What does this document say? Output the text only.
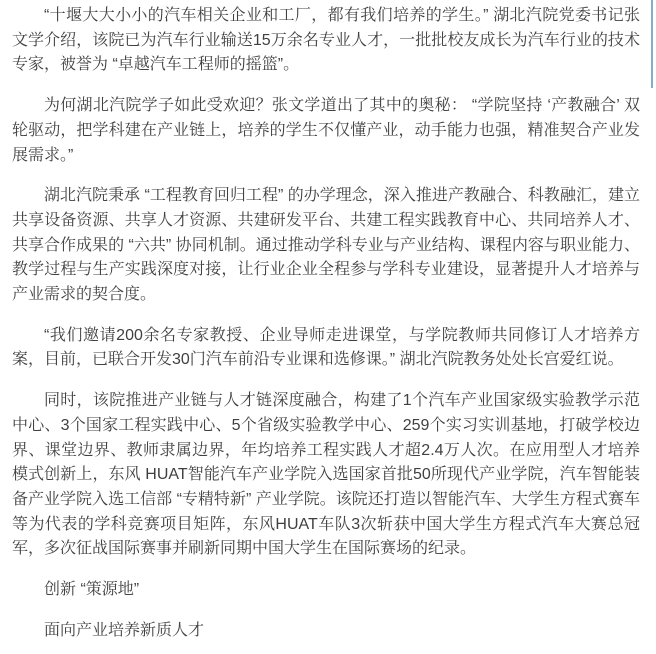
“十堰大大小小的汽车相关企业和工厂，都有我们培养的学生。” 湖北汽院党委书记张文学介绍，该院已为汽车行业输送15万余名专业人才，一批批校友成长为汽车行业的技术专家，被誉为 “卓越汽车工程师的摇篮”。

为何湖北汽院学子如此受欢迎？张文学道出了其中的奥秘： “学院坚持 ‘产教融合’ 双轮驱动，把学科建在产业链上，培养的学生不仅懂产业，动手能力也强，精准契合产业发展需求。”

湖北汽院秉承 “工程教育回归工程” 的办学理念，深入推进产教融合、科教融汇，建立共享设备资源、共享人才资源、共建研发平台、共建工程实践教育中心、共同培养人才、共享合作成果的 “六共” 协同机制。通过推动学科专业与产业结构、课程内容与职业能力、教学过程与生产实践深度对接，让行业企业全程参与学科专业建设，显著提升人才培养与产业需求的契合度。

“我们邀请200余名专家教授、企业导师走进课堂，与学院教师共同修订人才培养方案，目前，已联合开发30门汽车前沿专业课和选修课。” 湖北汽院教务处处长宫爱红说。

同时，该院推进产业链与人才链深度融合，构建了1个汽车产业国家级实验教学示范中心、3个国家工程实践中心、5个省级实验教学中心、259个实习实训基地，打破学校边界、课堂边界、教师隶属边界，年均培养工程实践人才超2.4万人次。在应用型人才培养模式创新上，东风 HUAT智能汽车产业学院入选国家首批50所现代产业学院，汽车智能装备产业学院入选工信部 “专精特新” 产业学院。该院还打造以智能汽车、大学生方程式赛车等为代表的学科竞赛项目矩阵，东风HUAT车队3次斩获中国大学生方程式汽车大赛总冠军，多次征战国际赛事并刷新同期中国大学生在国际赛场的纪录。

创新 “策源地”

面向产业培养新质人才
